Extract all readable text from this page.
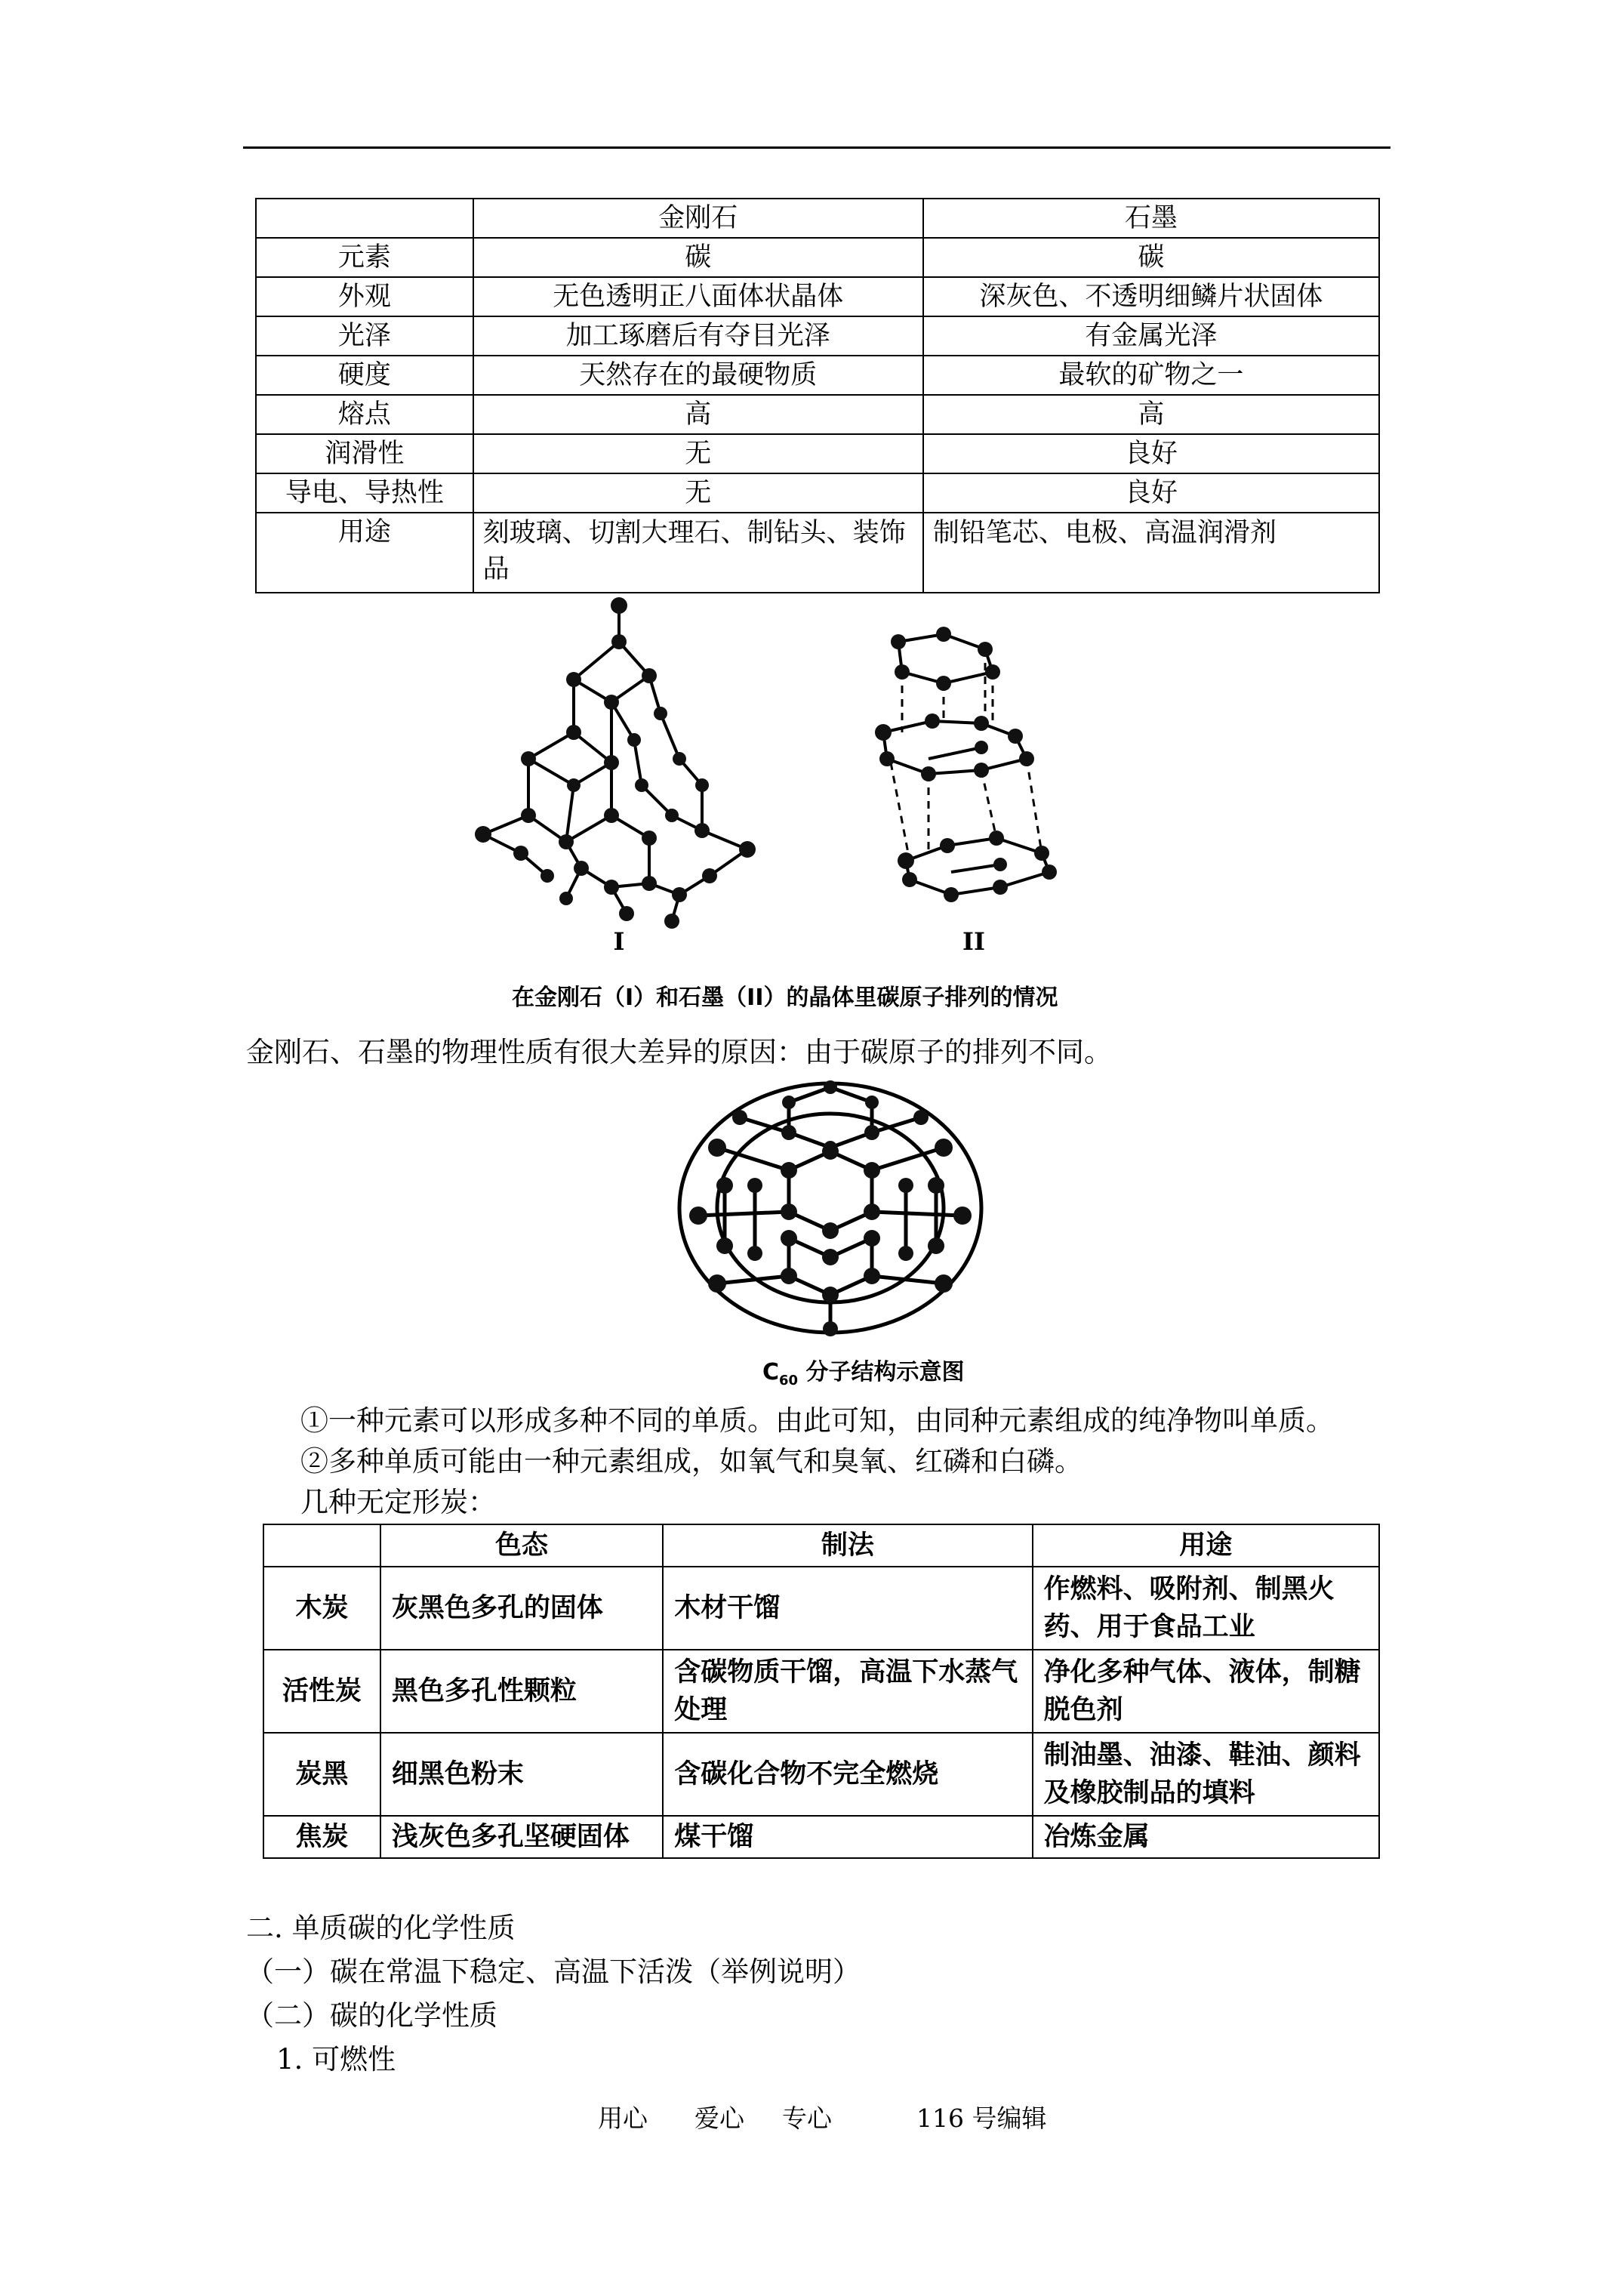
	金刚石	石墨
元素	碳	碳
外观	无色透明正八面体状晶体	深灰色、不透明细鳞片状固体
光泽	加工琢磨后有夺目光泽	有金属光泽
硬度	天然存在的最硬物质	最软的矿物之一
熔点	高	高
润滑性	无	良好
导电、导热性	无	良好
用途	刻玻璃、切割大理石、制钻头、装饰品	制铅笔芯、电极、高温润滑剂
I	II
在金刚石（I）和石墨（II）的晶体里碳原子排列的情况
金刚石、石墨的物理性质有很大差异的原因：由于碳原子的排列不同。
$C_{60}$ 分子结构示意图
①一种元素可以形成多种不同的单质。由此可知，由同种元素组成的纯净物叫单质。
②多种单质可能由一种元素组成，如氧气和臭氧、红磷和白磷。
几种无定形炭：
	色态	制法	用途
木炭	灰黑色多孔的固体	木材干馏	作燃料、吸附剂、制黑火药、用于食品工业
活性炭	黑色多孔性颗粒	含碳物质干馏，高温下水蒸气处理	净化多种气体、液体，制糖脱色剂
炭黑	细黑色粉末	含碳化合物不完全燃烧	制油墨、油漆、鞋油、颜料及橡胶制品的填料
焦炭	浅灰色多孔坚硬固体	煤干馏	冶炼金属
二. 单质碳的化学性质
（一）碳在常温下稳定、高温下活泼（举例说明）
（二）碳的化学性质
1. 可燃性
用心 爱心 专心	116 号编辑
